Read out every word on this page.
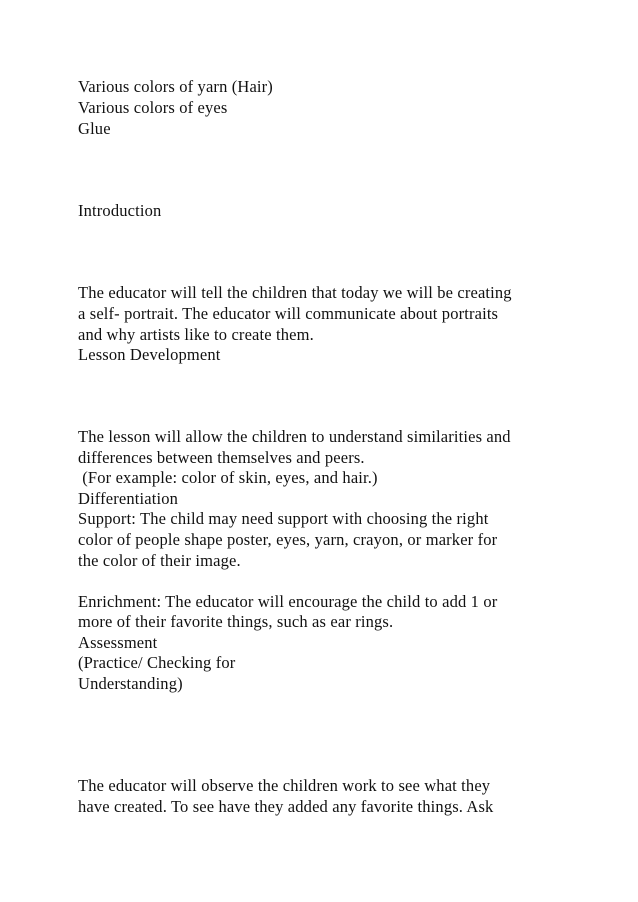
Various colors of yarn (Hair)
Various colors of eyes
Glue
Introduction
The educator will tell the children that today we will be creating
a self- portrait. The educator will communicate about portraits
and why artists like to create them.
Lesson Development
The lesson will allow the children to understand similarities and
differences between themselves and peers.
(For example: color of skin, eyes, and hair.)
Differentiation
Support: The child may need support with choosing the right
color of people shape poster, eyes, yarn, crayon, or marker for
the color of their image.
Enrichment: The educator will encourage the child to add 1 or
more of their favorite things, such as ear rings.
Assessment
(Practice/ Checking for
Understanding)
The educator will observe the children work to see what they
have created. To see have they added any favorite things. Ask
